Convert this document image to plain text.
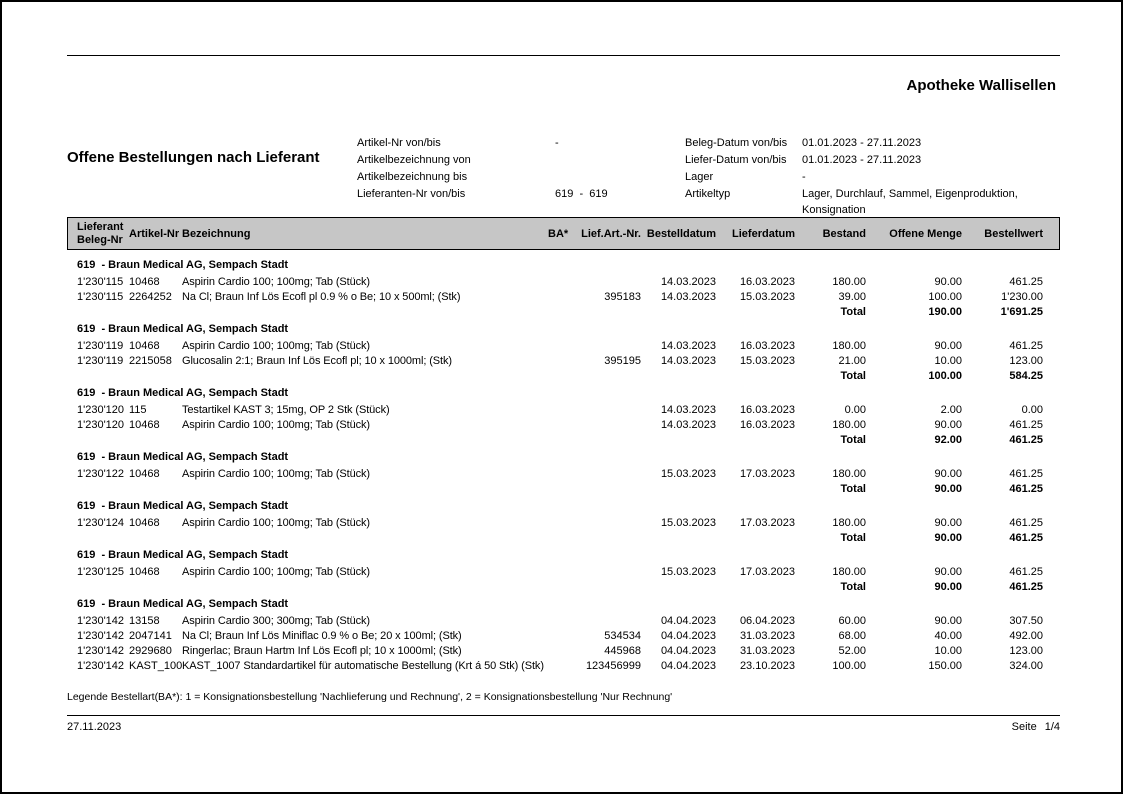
Apotheke Wallisellen
Offene Bestellungen nach Lieferant
Artikel-Nr von/bis	-
Artikelbezeichnung von
Artikelbezeichnung bis
Lieferanten-Nr von/bis	619  -  619
Beleg-Datum von/bis	01.01.2023 - 27.11.2023
Liefer-Datum von/bis	01.01.2023 - 27.11.2023
Lager	-
Artikeltyp	Lager, Durchlauf, Sammel, Eigenproduktion, Konsignation
Lieferant
Beleg-Nr Artikel-Nr Bezeichnung	BA*	Lief.Art.-Nr. Bestelldatum	Lieferdatum	Bestand	Offene Menge	Bestellwert
619  - Braun Medical AG, Sempach Stadt
1'230'115 10468	Aspirin Cardio 100; 100mg; Tab (Stück)	14.03.2023	16.03.2023	180.00	90.00	461.25
1'230'115 2264252 Na Cl; Braun Inf Lös Ecofl pl 0.9 % o Be; 10 x 500ml; (Stk)	395183	14.03.2023	15.03.2023	39.00	100.00	1'230.00
Total	190.00	1'691.25
619  - Braun Medical AG, Sempach Stadt
1'230'119 10468	Aspirin Cardio 100; 100mg; Tab (Stück)	14.03.2023	16.03.2023	180.00	90.00	461.25
1'230'119 2215058 Glucosalin 2:1; Braun Inf Lös Ecofl pl; 10 x 1000ml; (Stk)	395195	14.03.2023	15.03.2023	21.00	10.00	123.00
Total	100.00	584.25
619  - Braun Medical AG, Sempach Stadt
1'230'120 115	Testartikel KAST 3; 15mg, OP 2 Stk (Stück)	14.03.2023	16.03.2023	0.00	2.00	0.00
1'230'120 10468	Aspirin Cardio 100; 100mg; Tab (Stück)	14.03.2023	16.03.2023	180.00	90.00	461.25
Total	92.00	461.25
619  - Braun Medical AG, Sempach Stadt
1'230'122 10468	Aspirin Cardio 100; 100mg; Tab (Stück)	15.03.2023	17.03.2023	180.00	90.00	461.25
Total	90.00	461.25
619  - Braun Medical AG, Sempach Stadt
1'230'124 10468	Aspirin Cardio 100; 100mg; Tab (Stück)	15.03.2023	17.03.2023	180.00	90.00	461.25
Total	90.00	461.25
619  - Braun Medical AG, Sempach Stadt
1'230'125 10468	Aspirin Cardio 100; 100mg; Tab (Stück)	15.03.2023	17.03.2023	180.00	90.00	461.25
Total	90.00	461.25
619  - Braun Medical AG, Sempach Stadt
1'230'142 13158	Aspirin Cardio 300; 300mg; Tab (Stück)	04.04.2023	06.04.2023	60.00	90.00	307.50
1'230'142 2047141 Na Cl; Braun Inf Lös Miniflac 0.9 % o Be; 20 x 100ml; (Stk)	534534	04.04.2023	31.03.2023	68.00	40.00	492.00
1'230'142 2929680 Ringerlac; Braun Hartm Inf Lös Ecofl pl; 10 x 1000ml; (Stk)	445968	04.04.2023	31.03.2023	52.00	10.00	123.00
1'230'142 KAST_100 KAST_1007 Standardartikel für automatische Bestellung (Krt á 50 Stk) (Stk)	123456999	04.04.2023	23.10.2023	100.00	150.00	324.00
Legende Bestellart(BA*): 1 = Konsignationsbestellung 'Nachlieferung und Rechnung', 2 = Konsignationsbestellung 'Nur Rechnung'
27.11.2023	Seite 1/4
